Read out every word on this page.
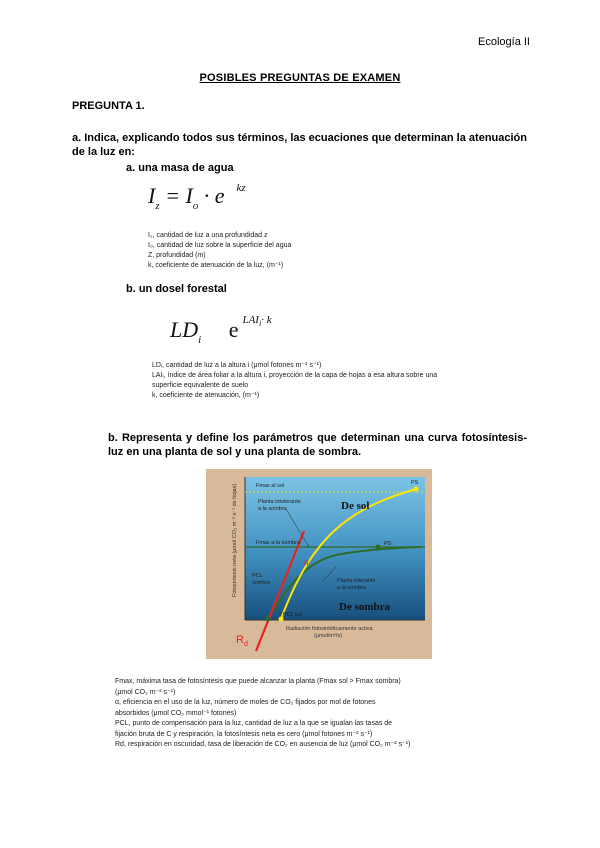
Ecología II
POSIBLES PREGUNTAS DE EXAMEN
PREGUNTA 1.
a. Indica, explicando todos sus términos, las ecuaciones que determinan la atenuación de la luz en:
a. una masa de agua
$I_z = I_o \cdot e$ $^{kz}$
I₂, cantidad de luz a una profundidad z
I₀, cantidad de luz sobre la superficie del agua
Z, profundidad (m)
k, coeficiente de atenuación de la luz, (m⁻¹)
b. un dosel forestal
$LD_i$ e $^{LAI_i\cdot k}$
LDᵢ, cantidad de luz a la altura i (μmol fotones m⁻² s⁻¹)
LAIᵢ, índice de área foliar a la altura i, proyección de la capa de hojas a esa altura sobre una superficie equivalente de suelo
k, coeficiente de atenuación, (m⁻¹)
b. Representa y define los parámetros que determinan una curva fotosíntesis-luz en una planta de sol y una planta de sombra.
Fmax al sol
Fmax a la sombra
Planta intolerante
a la sombra
Planta tolerante
a la sombra
De sol
De sombra
α
PCL
sombra
PCL sol
PS
PS
$R_d$
Radiación fotosintéticamente activa
(μmol/m²/s)
Fotosíntesis neta (μmol CO₂ m⁻² s⁻¹ de hojas)
Fmax, máxima tasa de fotosíntesis que puede alcanzar la planta (Fmax sol > Fmax sombra)
(μmol CO₂ m⁻² s⁻¹)
α, eficiencia en el uso de la luz, número de moles de CO₂ fijados por mol de fotones
absorbidos (μmol CO₂ mmol⁻¹ fotones)
PCL, punto de compensación para la luz, cantidad de luz a la que se igualan las tasas de
fijación bruta de C y respiración, la fotosíntesis neta es cero (μmol fotones m⁻² s⁻¹)
Rd, respiración en oscuridad, tasa de liberación de CO₂ en ausencia de luz (μmol CO₂ m⁻² s⁻¹)
